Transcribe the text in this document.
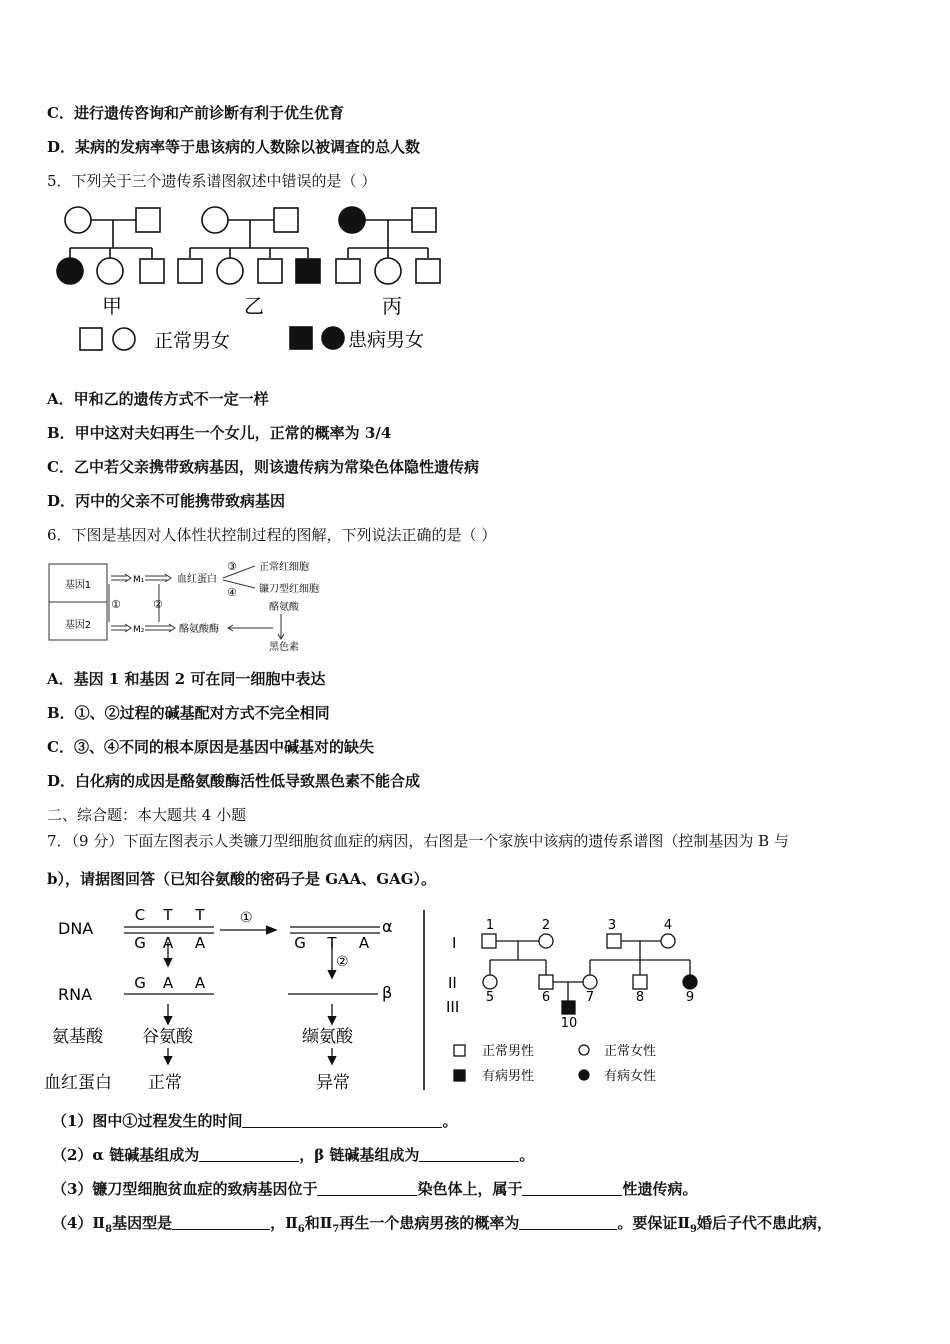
C．进行遗传咨询和产前诊断有利于优生优育
D．某病的发病率等于患该病的人数除以被调查的总人数
5．下列关于三个遗传系谱图叙述中错误的是（ ）
甲	乙	丙
正常男女	患病男女
A．甲和乙的遗传方式不一定一样
B．甲中这对夫妇再生一个女儿，正常的概率为 3/4
C．乙中若父亲携带致病基因，则该遗传病为常染色体隐性遗传病
D．丙中的父亲不可能携带致病基因
6．下图是基因对人体性状控制过程的图解，下列说法正确的是（ ）
基因1
基因2
M₁
M₂
血红蛋白
酪氨酸酶
正常红细胞
镰刀型红细胞
酪氨酸
黑色素
①	②
③
④
A．基因 1 和基因 2 可在同一细胞中表达
B．①、②过程的碱基配对方式不完全相同
C．③、④不同的根本原因是基因中碱基对的缺失
D．白化病的成因是酪氨酸酶活性低导致黑色素不能合成
二、综合题：本大题共 4 小题
7．（9 分）下面左图表示人类镰刀型细胞贫血症的病因，右图是一个家族中该病的遗传系谱图（控制基因为 B 与
b），请据图回答（已知谷氨酸的密码子是 GAA、GAG）。
C T T
G A A
G A A
G T A
DNA
RNA
氨基酸
血红蛋白
谷氨酸
正常
缬氨酸
异常
α
β
①
②
I
II
III
1	2	3	4
5	6	7	8	9
10
正常男性	正常女性
有病男性	有病女性
（1）图中①过程发生的时间	。
（2）α 链碱基组成为	，β 链碱基组成为	。
（3）镰刀型细胞贫血症的致病基因位于	染色体上，属于	性遗传病。
$(4)Ⅱ_8$基因型是	，$Ⅱ_6$和$Ⅱ_7$再生一个患病男孩的概率为	。要保证$Ⅱ_9$婚后子代不患此病，
